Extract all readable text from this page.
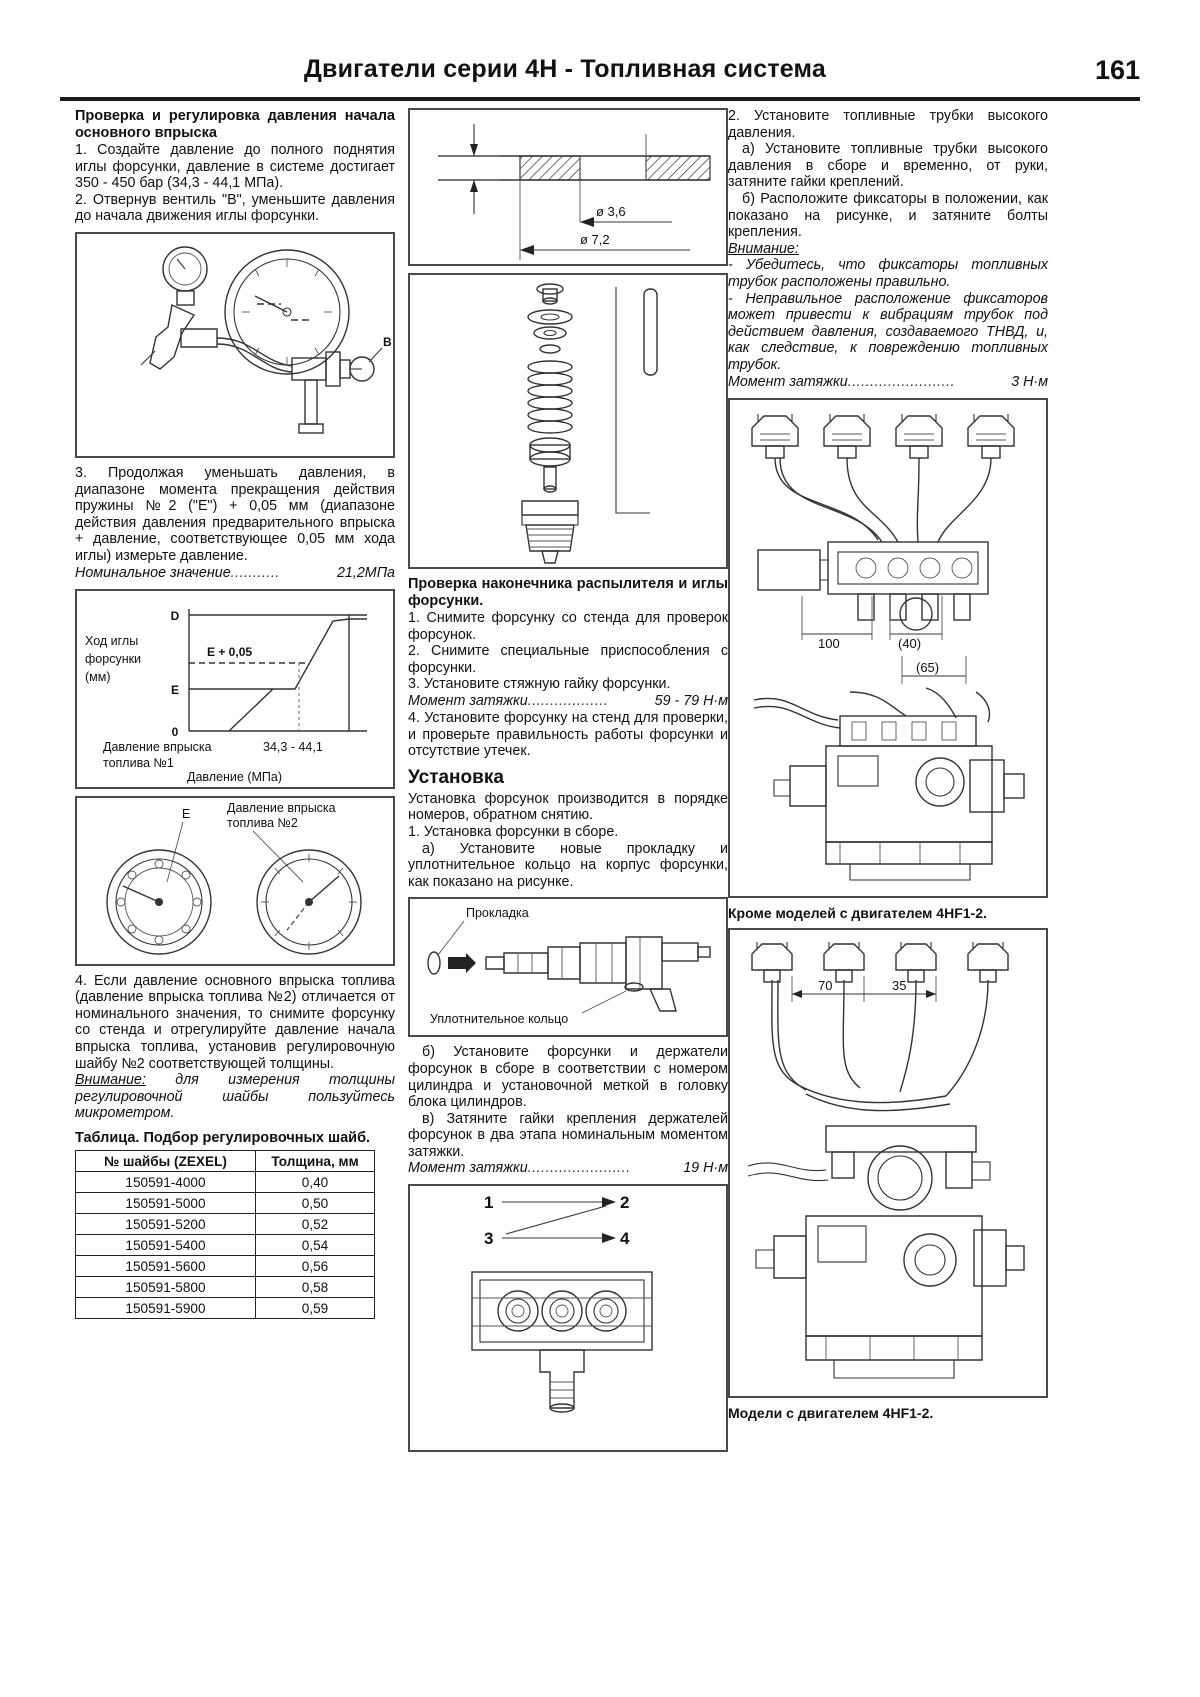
Двигатели серии 4Н - Топливная система	161

Проверка и регулировка давления начала основного впрыска

1. Создайте давление до полного поднятия иглы форсунки, давление в системе достигает 350 - 450 бар (34,3 - 44,1 МПа).

2. Отвернув вентиль "В", уменьшите давления до начала движения иглы форсунки.

B

3. Продолжая уменьшать давления, в диапазоне момента прекращения действия пружины №2 ("Е") + 0,05 мм (диапазоне действия давления предварительного впрыска + давление, соответствующее 0,05 мм хода иглы) измерьте давление.

Номинальное значение ...........	21,2МПа
D
E
0
E + 0,05
Ход иглы
форсунки
(мм)
Давление впрыска
топлива №1
34,3 - 44,1
Давление (МПа)
E	Давление впрыска
топлива №2

4. Если давление основного впрыска топлива (давление впрыска топлива №2) отличается от номинального значения, то снимите форсунку со стенда и отрегулируйте давление начала впрыска топлива, установив регулировочную шайбу №2 соответствующей толщины.

Внимание: для измерения толщины регулировочной шайбы пользуйтесь микрометром.

Таблица. Подбор регулировочных шайб.

№ шайбы (ZEXEL)	Толщина, мм
150591-4000	0,40
150591-5000	0,50
150591-5200	0,52
150591-5400	0,54
150591-5600	0,56
150591-5800	0,58
150591-5900	0,59
ø 3,6
ø 7,2

Проверка наконечника распылителя и иглы форсунки.

1. Снимите форсунку со стенда для проверок форсунок.

2. Снимите специальные приспособления с форсунки.

3. Установите стяжную гайку форсунки.

Момент затяжки ..................	59 - 79 Н·м

4. Установите форсунку на стенд для проверки, и проверьте правильность работы форсунки и отсутствие утечек.

Установка

Установка форсунок производится в порядке номеров, обратном снятию.

1. Установка форсунки в сборе.

а) Установите новые прокладку и уплотнительное кольцо на корпус форсунки, как показано на рисунке.

Прокладка
Уплотнительное кольцо

б) Установите форсунки и держатели форсунок в сборе в соответствии с номером цилиндра и установочной меткой в головку блока цилиндров.

в) Затяните гайки крепления держателей форсунок в два этапа номинальным моментом затяжки.

Момент затяжки .......................	19 Н·м
1	2
3	4

2. Установите топливные трубки высокого давления.

а) Установите топливные трубки высокого давления в сборе и временно, от руки, затяните гайки креплений.

б) Расположите фиксаторы в положении, как показано на рисунке, и затяните болты крепления.

Внимание:

- Убедитесь, что фиксаторы топливных трубок расположены правильно.

- Неправильное расположение фиксаторов может привести к вибрациям трубок под действием давления, создаваемого ТНВД, и, как следствие, к повреждению топливных трубок.

Момент затяжки ........................	3 Н·м
100	(40)
(65)

Кроме моделей с двигателем 4HF1-2.

70	35

Модели с двигателем 4HF1-2.
